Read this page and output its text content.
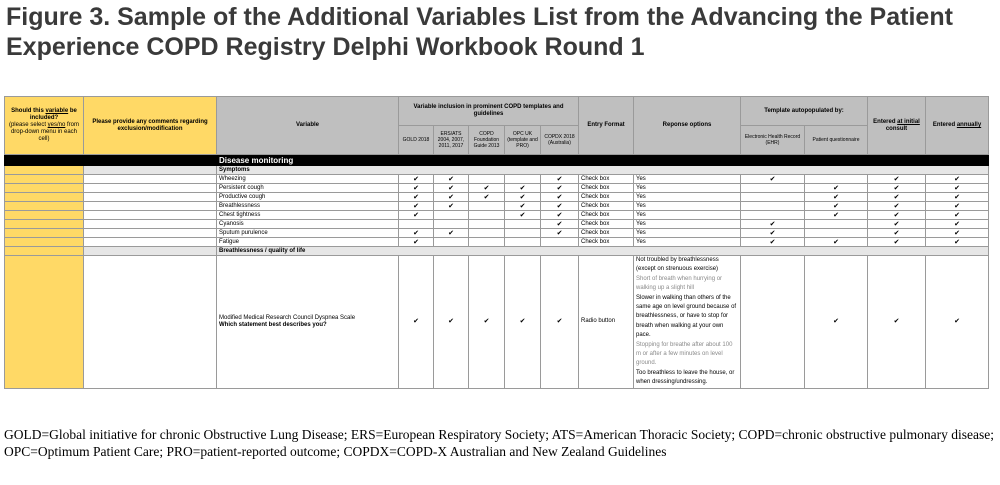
Figure 3. Sample of the Additional Variables List from the Advancing the Patient Experience COPD Registry Delphi Workbook Round 1
Should this variable be included?
(please select yes/no from drop-down menu in each cell)	Please provide any comments regarding exclusion/modification	Variable	Variable inclusion in prominent COPD templates and guidelines					Entry Format	Reponse options	Template autopopulated by:		Entered at initial consult	Entered annually
			GOLD 2018	ERS/ATS 2004, 2007, 2011, 2017	COPD Foundation Guide 2013	OPC UK (template and PRO)	COPDX 2018 (Australia)			Electronic Health Record (EHR)	Patient questionnaire		
		Disease monitoring											
		Symptoms											
		Wheezing	✔	✔			✔	Check box	Yes	✔		✔	✔
		Persistent cough	✔	✔	✔	✔	✔	Check box	Yes		✔	✔	✔
		Productive cough	✔	✔	✔	✔	✔	Check box	Yes		✔	✔	✔
		Breathlessness	✔	✔		✔	✔	Check box	Yes		✔	✔	✔
		Chest tightness	✔			✔	✔	Check box	Yes		✔	✔	✔
		Cyanosis					✔	Check box	Yes	✔		✔	✔
		Sputum purulence	✔	✔			✔	Check box	Yes	✔		✔	✔
		Fatigue	✔					Check box	Yes	✔	✔	✔	✔
		Breathlessness / quality of life											
		Modified Medical Research Council Dyspnea Scale
Which statement best describes you?	✔	✔	✔	✔	✔	Radio button	Not troubled by breathlessness (except on strenuous exercise)
Short of breath when hurrying or walking up a slight hill
Slower in walking than others of the same age on level ground because of breathlessness, or have to stop for breath when walking at your own pace.
Stopping for breathe after about 100 m or after a few minutes on level ground.
Too breathless to leave the house, or when dressing/undressing.		✔	✔	✔

GOLD=Global initiative for chronic Obstructive Lung Disease; ERS=European Respiratory Society; ATS=American Thoracic Society; COPD=chronic obstructive pulmonary disease; OPC=Optimum Patient Care; PRO=patient-reported outcome; COPDX=COPD-X Australian and New Zealand Guidelines
